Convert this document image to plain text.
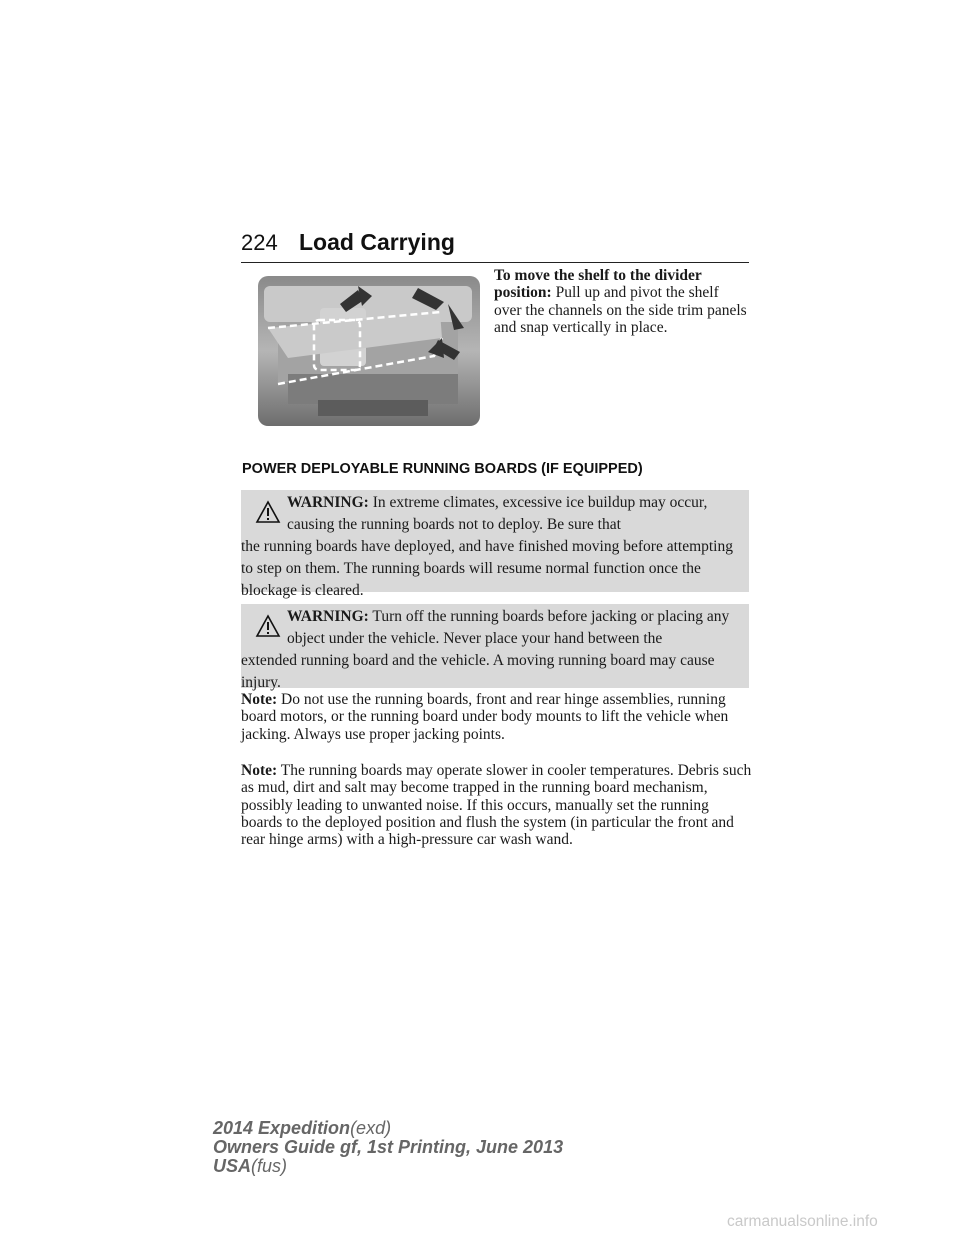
224 Load Carrying
To move the shelf to the divider position: Pull up and pivot the shelf over the channels on the side trim panels and snap vertically in place.
POWER DEPLOYABLE RUNNING BOARDS (IF EQUIPPED)
WARNING: In extreme climates, excessive ice buildup may occur, causing the running boards not to deploy. Be sure that
the running boards have deployed, and have finished moving before attempting to step on them. The running boards will resume normal function once the blockage is cleared.
WARNING: Turn off the running boards before jacking or placing any object under the vehicle. Never place your hand between the
extended running board and the vehicle. A moving running board may cause injury.
Note: Do not use the running boards, front and rear hinge assemblies, running board motors, or the running board under body mounts to lift the vehicle when jacking. Always use proper jacking points.
Note: The running boards may operate slower in cooler temperatures. Debris such as mud, dirt and salt may become trapped in the running board mechanism, possibly leading to unwanted noise. If this occurs, manually set the running boards to the deployed position and flush the system (in particular the front and rear hinge arms) with a high-pressure car wash wand.
2014 Expedition(exd)
Owners Guide gf, 1st Printing, June 2013
USA(fus)
carmanualsonline.info
